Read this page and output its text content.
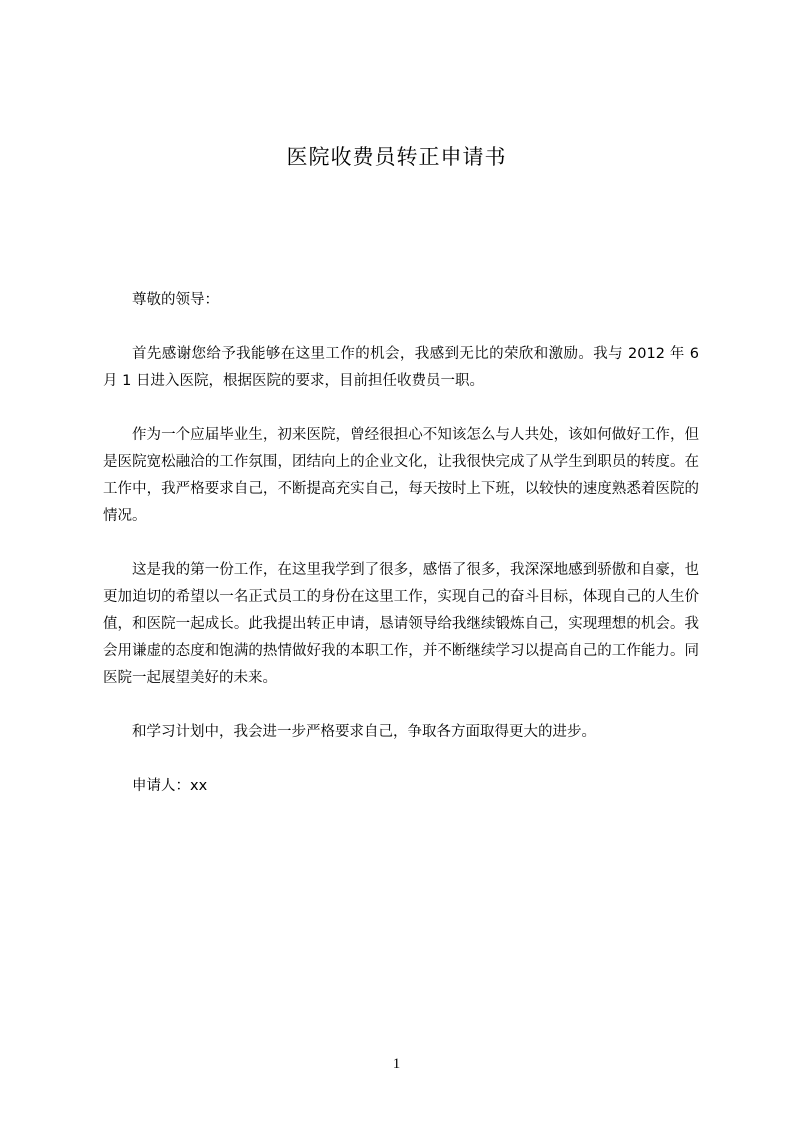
医院收费员转正申请书

尊敬的领导：

首先感谢您给予我能够在这里工作的机会，我感到无比的荣欣和激励。我与 2012 年 6 月 1 日进入医院，根据医院的要求，目前担任收费员一职。

作为一个应届毕业生，初来医院，曾经很担心不知该怎么与人共处，该如何做好工作，但是医院宽松融洽的工作氛围，团结向上的企业文化，让我很快完成了从学生到职员的转度。在工作中，我严格要求自己，不断提高充实自己，每天按时上下班，以较快的速度熟悉着医院的情况。

这是我的第一份工作，在这里我学到了很多，感悟了很多，我深深地感到骄傲和自豪，也更加迫切的希望以一名正式员工的身份在这里工作，实现自己的奋斗目标，体现自己的人生价值，和医院一起成长。此我提出转正申请，恳请领导给我继续锻炼自己，实现理想的机会。我会用谦虚的态度和饱满的热情做好我的本职工作，并不断继续学习以提高自己的工作能力。同医院一起展望美好的未来。

和学习计划中，我会进一步严格要求自己，争取各方面取得更大的进步。

申请人：xx

1
